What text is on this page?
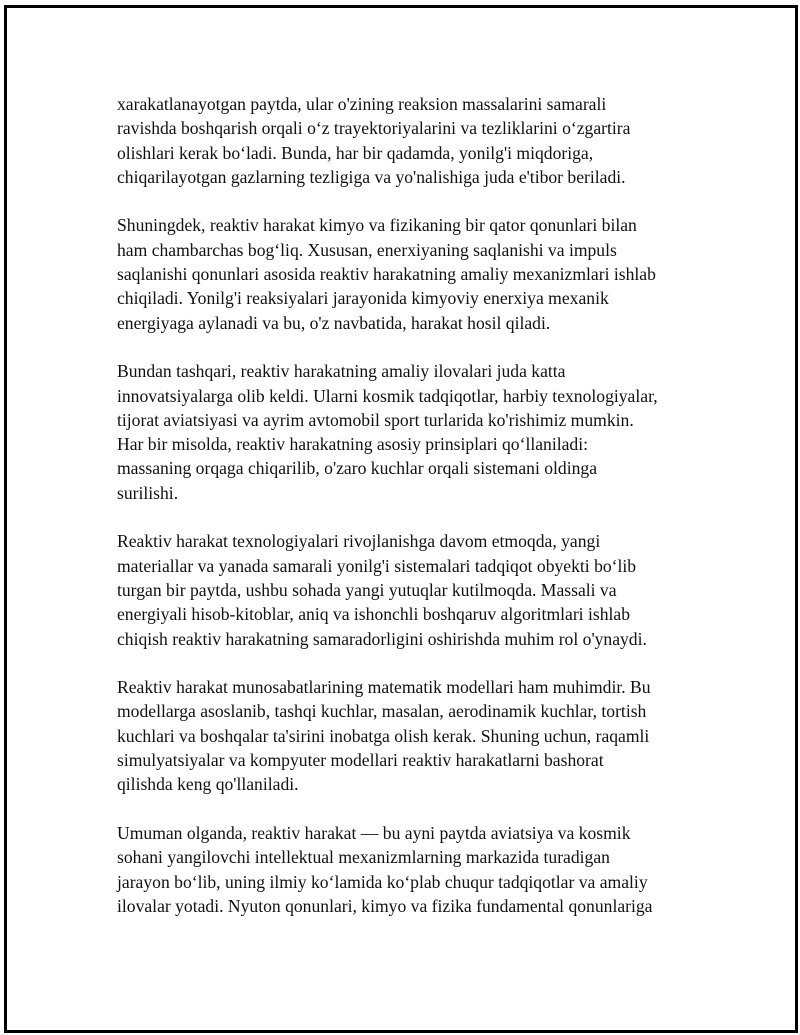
xarakatlanayotgan paytda, ular o'zining reaksion massalarini samarali
ravishda boshqarish orqali o‘z trayektoriyalarini va tezliklarini o‘zgartira
olishlari kerak bo‘ladi. Bunda, har bir qadamda, yonilg'i miqdoriga,
chiqarilayotgan gazlarning tezligiga va yo'nalishiga juda e'tibor beriladi.

Shuningdek, reaktiv harakat kimyo va fizikaning bir qator qonunlari bilan
ham chambarchas bog‘liq. Xususan, enerxiyaning saqlanishi va impuls
saqlanishi qonunlari asosida reaktiv harakatning amaliy mexanizmlari ishlab
chiqiladi. Yonilg'i reaksiyalari jarayonida kimyoviy enerxiya mexanik
energiyaga aylanadi va bu, o'z navbatida, harakat hosil qiladi.

Bundan tashqari, reaktiv harakatning amaliy ilovalari juda katta
innovatsiyalarga olib keldi. Ularni kosmik tadqiqotlar, harbiy texnologiyalar,
tijorat aviatsiyasi va ayrim avtomobil sport turlarida ko'rishimiz mumkin.
Har bir misolda, reaktiv harakatning asosiy prinsiplari qo‘llaniladi:
massaning orqaga chiqarilib, o'zaro kuchlar orqali sistemani oldinga
surilishi.

Reaktiv harakat texnologiyalari rivojlanishga davom etmoqda, yangi
materiallar va yanada samarali yonilg'i sistemalari tadqiqot obyekti bo‘lib
turgan bir paytda, ushbu sohada yangi yutuqlar kutilmoqda. Massali va
energiyali hisob-kitoblar, aniq va ishonchli boshqaruv algoritmlari ishlab
chiqish reaktiv harakatning samaradorligini oshirishda muhim rol o'ynaydi.

Reaktiv harakat munosabatlarining matematik modellari ham muhimdir. Bu
modellarga asoslanib, tashqi kuchlar, masalan, aerodinamik kuchlar, tortish
kuchlari va boshqalar ta'sirini inobatga olish kerak. Shuning uchun, raqamli
simulyatsiyalar va kompyuter modellari reaktiv harakatlarni bashorat
qilishda keng qo'llaniladi.

Umuman olganda, reaktiv harakat — bu ayni paytda aviatsiya va kosmik
sohani yangilovchi intellektual mexanizmlarning markazida turadigan
jarayon bo‘lib, uning ilmiy ko‘lamida ko‘plab chuqur tadqiqotlar va amaliy
ilovalar yotadi. Nyuton qonunlari, kimyo va fizika fundamental qonunlariga
